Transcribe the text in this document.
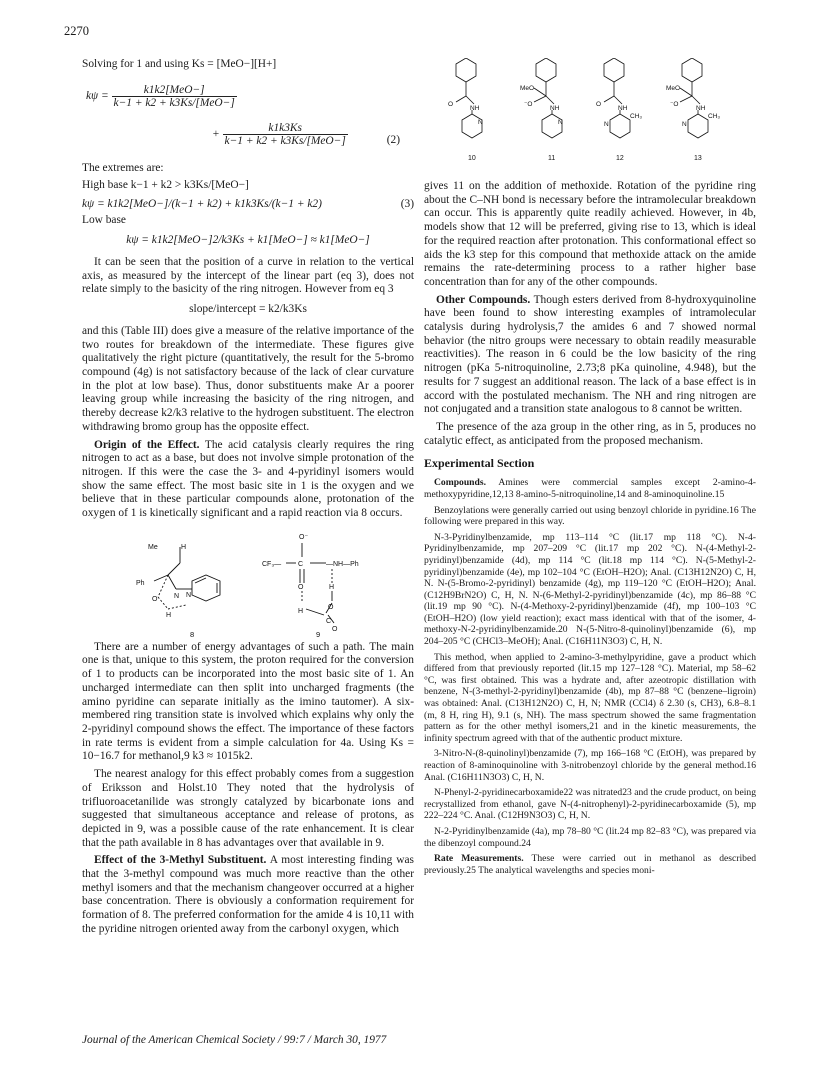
2270

Solving for 1 and using Ks = [MeO−][H+]

$k\psi = \frac{\text{k1k2[MeO−]}}{\text{k−1 + k2 + k3Ks/[MeO−]}}$
+ $\frac{k1k3Ks}{\text{k−1 + k2 + k3Ks/[MeO−]}}$	(2)

The extremes are:

High base k−1 + k2 > k3Ks/[MeO−]

kψ = k1k2[MeO−]/(k−1 + k2) + k1k3Ks/(k−1 + k2)	(3)

Low base

kψ = k1k2[MeO−]2/k3Ks + k1[MeO−] ≈ k1[MeO−]

It can be seen that the position of a curve in relation to the vertical axis, as measured by the intercept of the linear part (eq 3), does not relate simply to the basicity of the ring nitrogen. However from eq 3

slope/intercept = k2/k3Ks

and this (Table III) does give a measure of the relative importance of the two routes for breakdown of the intermediate. These figures give qualitatively the right picture (quantitatively, the result for the 5-bromo compound (4g) is not satisfactory because of the lack of clear curvature in the plot at low base). Thus, donor substituents make Ar a poorer leaving group while increasing the basicity of the ring nitrogen, and thereby decrease k2/k3 relative to the hydrogen substituent. The electron withdrawing bromo group has the opposite effect.

Origin of the Effect. The acid catalysis clearly requires the ring nitrogen to act as a base, but does not involve simple protonation of the nitrogen. If this were the case the 3- and 4-pyridinyl isomers would show the same effect. The most basic site in 1 is the oxygen and we believe that in these particular compounds alone, protonation of the oxygen of 1 is kinetically significant and a rapid reaction via 8 occurs.

Me	H
Ph
N
O
H
N
8
O⁻
CF₃— C	—NH—Ph
O	H
H
O
C
O
9

There are a number of energy advantages of such a path. The main one is that, unique to this system, the proton required for the conversion of 1 to products can be incorporated into the most basic site of 1. An uncharged intermediate can then split into uncharged fragments (the amino pyridine can separate initially as the imino tautomer). A six-membered ring transition state is involved which explains why only the 2-pyridinyl compound shows the effect. The importance of these factors in rate terms is evident from a simple calculation for 4a. Using Ks = 10−16.7 for methanol,9 k3 ≈ 1015k2.

The nearest analogy for this effect probably comes from a suggestion of Eriksson and Holst.10 They noted that the hydrolysis of trifluoroacetanilide was strongly catalyzed by bicarbonate ions and suggested that simultaneous acceptance and release of protons, as depicted in 9, was a possible cause of the rate enhancement. It is clear that the path available in 8 has advantages over that available in 9.

Effect of the 3-Methyl Substituent. A most interesting finding was that the 3-methyl compound was much more reactive than the other methyl isomers and that the mechanism changeover occurred at a higher base concentration. There is obviously a conformation requirement for formation of 8. The preferred conformation for the amide 4 is 10,11 with the pyridine nitrogen oriented away from the carbonyl oxygen, which

O
NH
N
⁻O
NH
MeO
N
O
NH
N
CH₃
⁻O
NH
MeO
N
CH₃
10	11	12	13

gives 11 on the addition of methoxide. Rotation of the pyridine ring about the C–NH bond is necessary before the intramolecular breakdown can occur. This is apparently quite readily achieved. However, in 4b, models show that 12 will be preferred, giving rise to 13, which is ideal for the required reaction after protonation. This conformational effect so aids the k3 step for this compound that methoxide attack on the amide remains the rate-determining process to a rather higher base concentration than for any of the other compounds.

Other Compounds. Though esters derived from 8-hydroxyquinoline have been found to show interesting examples of intramolecular catalysis during hydrolysis,7 the amides 6 and 7 showed normal behavior (the nitro groups were necessary to obtain readily measurable reactivities). The reason in 6 could be the low basicity of the ring nitrogen (pKa 5-nitroquinoline, 2.73;8 pKa quinoline, 4.948), but the results for 7 suggest an additional reason. The lack of a base effect is in accord with the postulated mechanism. The NH and ring nitrogen are not conjugated and a transition state analogous to 8 cannot be written.

The presence of the aza group in the other ring, as in 5, produces no catalytic effect, as anticipated from the proposed mechanism.

Experimental Section

Compounds. Amines were commercial samples except 2-amino-4-methoxypyridine,12,13 8-amino-5-nitroquinoline,14 and 8-aminoquinoline.15

Benzoylations were generally carried out using benzoyl chloride in pyridine.16 The following were prepared in this way.

N-3-Pyridinylbenzamide, mp 113–114 °C (lit.17 mp 118 °C). N-4-Pyridinylbenzamide, mp 207–209 °C (lit.17 mp 202 °C). N-(4-Methyl-2-pyridinyl)benzamide (4d), mp 114 °C (lit.18 mp 114 °C). N-(5-Methyl-2-pyridinyl)benzamide (4e), mp 102–104 °C (EtOH–H2O); Anal. (C13H12N2O) C, H, N. N-(5-Bromo-2-pyridinyl) benzamide (4g), mp 119–120 °C (EtOH–H2O); Anal. (C12H9BrN2O) C, H, N. N-(6-Methyl-2-pyridinyl)benzamide (4c), mp 86–88 °C (lit.19 mp 90 °C). N-(4-Methoxy-2-pyridinyl)benzamide (4f), mp 100–103 °C (EtOH–H2O) (low yield reaction); exact mass identical with that of the isomer, 4-methoxy-N-2-pyridinylbenzamide.20 N-(5-Nitro-8-quinolinyl)benzamide (6), mp 204–205 °C (CHCl3–MeOH); Anal. (C16H11N3O3) C, H, N.

This method, when applied to 2-amino-3-methylpyridine, gave a product which differed from that previously reported (lit.15 mp 127–128 °C). Material, mp 58–62 °C, was first obtained. This was a hydrate and, after azeotropic distillation with benzene, N-(3-methyl-2-pyridinyl)benzamide (4b), mp 87–88 °C (benzene–ligroin) was obtained: Anal. (C13H12N2O) C, H, N; NMR (CCl4) δ 2.30 (s, CH3), 6.8–8.1 (m, 8 H, ring H), 9.1 (s, NH). The mass spectrum showed the same fragmentation pattern as for the other methyl isomers,21 and in the kinetic measurements, the infinity spectrum agreed with that of the authentic product mixture.

3-Nitro-N-(8-quinolinyl)benzamide (7), mp 166–168 °C (EtOH), was prepared by reaction of 8-aminoquinoline with 3-nitrobenzoyl chloride by the general method.16 Anal. (C16H11N3O3) C, H, N.

N-Phenyl-2-pyridinecarboxamide22 was nitrated23 and the crude product, on being recrystallized from ethanol, gave N-(4-nitrophenyl)-2-pyridinecarboxamide (5), mp 222–224 °C. Anal. (C12H9N3O3) C, H, N.

N-2-Pyridinylbenzamide (4a), mp 78–80 °C (lit.24 mp 82–83 °C), was prepared via the dibenzoyl compound.24

Rate Measurements. These were carried out in methanol as described previously.25 The analytical wavelengths and species moni-

Journal of the American Chemical Society / 99:7 / March 30, 1977
